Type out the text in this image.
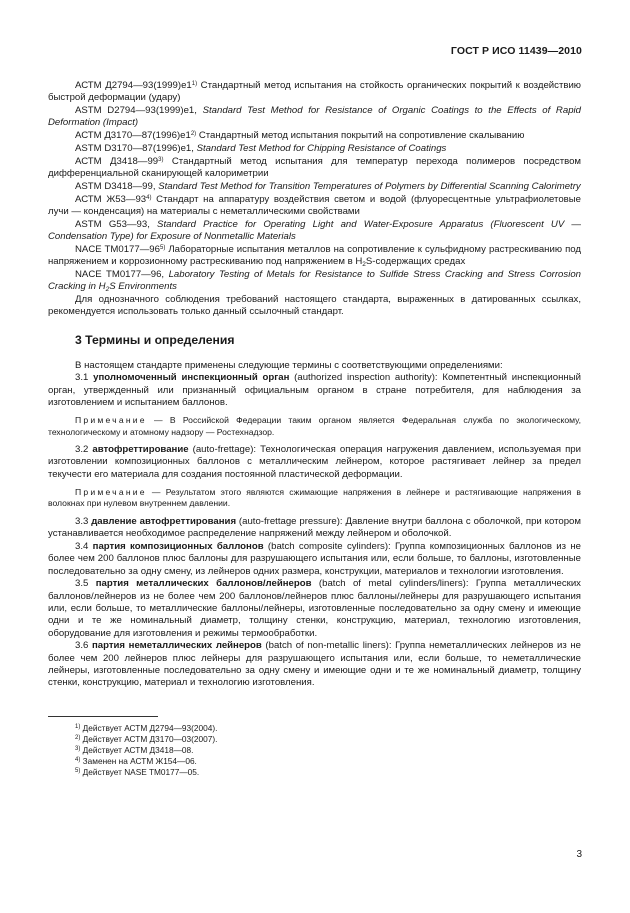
ГОСТ Р ИСО 11439—2010

АСТМ Д2794—93(1999)е1$^{1)}$ Стандартный метод испытания на стойкость органических покрытий к воздействию быстрой деформации (удару)

ASTM D2794—93(1999)е1, Standard Test Method for Resistance of Organic Coatings to the Effects of Rapid Deformation (Impact)

АСТМ Д3170—87(1996)е1$^{2)}$ Стандартный метод испытания покрытий на сопротивление скалыванию

ASTM D3170—87(1996)е1, Standard Test Method for Chipping Resistance of Coatings

АСТМ Д3418—99$^{3)}$ Стандартный метод испытания для температур перехода полимеров посредством дифференциальной сканирующей калориметрии

ASTM D3418—99, Standard Test Method for Transition Temperatures of Polymers by Differential Scanning Calorimetry

АСТМ Ж53—93$^{4)}$ Стандарт на аппаратуру воздействия светом и водой (флуоресцентные ультрафиолетовые лучи — конденсация) на материалы с неметаллическими свойствами

ASTM G53—93, Standard Practice for Operating Light and Water-Exposure Apparatus (Fluorescent UV — Condensation Type) for Exposure of Nonmetallic Materials

NACE TM0177—96$^{5)}$ Лабораторные испытания металлов на сопротивление к сульфидному растрескиванию под напряжением и коррозионному растрескиванию под напряжением в $H_2S$-содержащих средах

NACE TM0177—96, Laboratory Testing of Metals for Resistance to Sulfide Stress Cracking and Stress Corrosion Cracking in $H_2S$ Environments

Для однозначного соблюдения требований настоящего стандарта, выраженных в датированных ссылках, рекомендуется использовать только данный ссылочный стандарт.

3 Термины и определения

В настоящем стандарте применены следующие термины с соответствующими определениями:

3.1 уполномоченный инспекционный орган (authorized inspection authority): Компетентный инспекционный орган, утвержденный или признанный официальным органом в стране потребителя, для наблюдения за изготовлением и испытанием баллонов.

Примечание — В Российской Федерации таким органом является Федеральная служба по экологическому, технологическому и атомному надзору — Ростехнадзор.

3.2 автофреттирование (auto-frettage): Технологическая операция нагружения давлением, используемая при изготовлении композиционных баллонов с металлическим лейнером, которое растягивает лейнер за предел текучести его материала для создания постоянной пластической деформации.

Примечание — Результатом этого являются сжимающие напряжения в лейнере и растягивающие напряжения в волокнах при нулевом внутреннем давлении.

3.3 давление автофреттирования (auto-frettage pressure): Давление внутри баллона с оболочкой, при котором устанавливается необходимое распределение напряжений между лейнером и оболочкой.

3.4 партия композиционных баллонов (batch composite cylinders): Группа композиционных баллонов из не более чем 200 баллонов плюс баллоны для разрушающего испытания или, если больше, то баллоны, изготовленные последовательно за одну смену, из лейнеров одних размера, конструкции, материалов и технологии изготовления.

3.5 партия металлических баллонов/лейнеров (batch of metal cylinders/liners): Группа металлических баллонов/лейнеров из не более чем 200 баллонов/лейнеров плюс баллоны/лейнеры для разрушающего испытания или, если больше, то металлические баллоны/лейнеры, изготовленные последовательно за одну смену и имеющие одни и те же номинальный диаметр, толщину стенки, конструкцию, материал, технологию изготовления, оборудование для изготовления и режимы термообработки.

3.6 партия неметаллических лейнеров (batch of non-metallic liners): Группа неметаллических лейнеров из не более чем 200 лейнеров плюс лейнеры для разрушающего испытания или, если больше, то неметаллические лейнеры, изготовленные последовательно за одну смену и имеющие одни и те же номинальный диаметр, толщину стенки, конструкцию, материал и технологию изготовления.

$^{1)}$ Действует АСТМ Д2794—93(2004).

$^{2)}$ Действует АСТМ Д3170—03(2007).

$^{3)}$ Действует АСТМ Д3418—08.

$^{4)}$ Заменен на АСТМ Ж154—06.

$^{5)}$ Действует NASE TM0177—05.

3
